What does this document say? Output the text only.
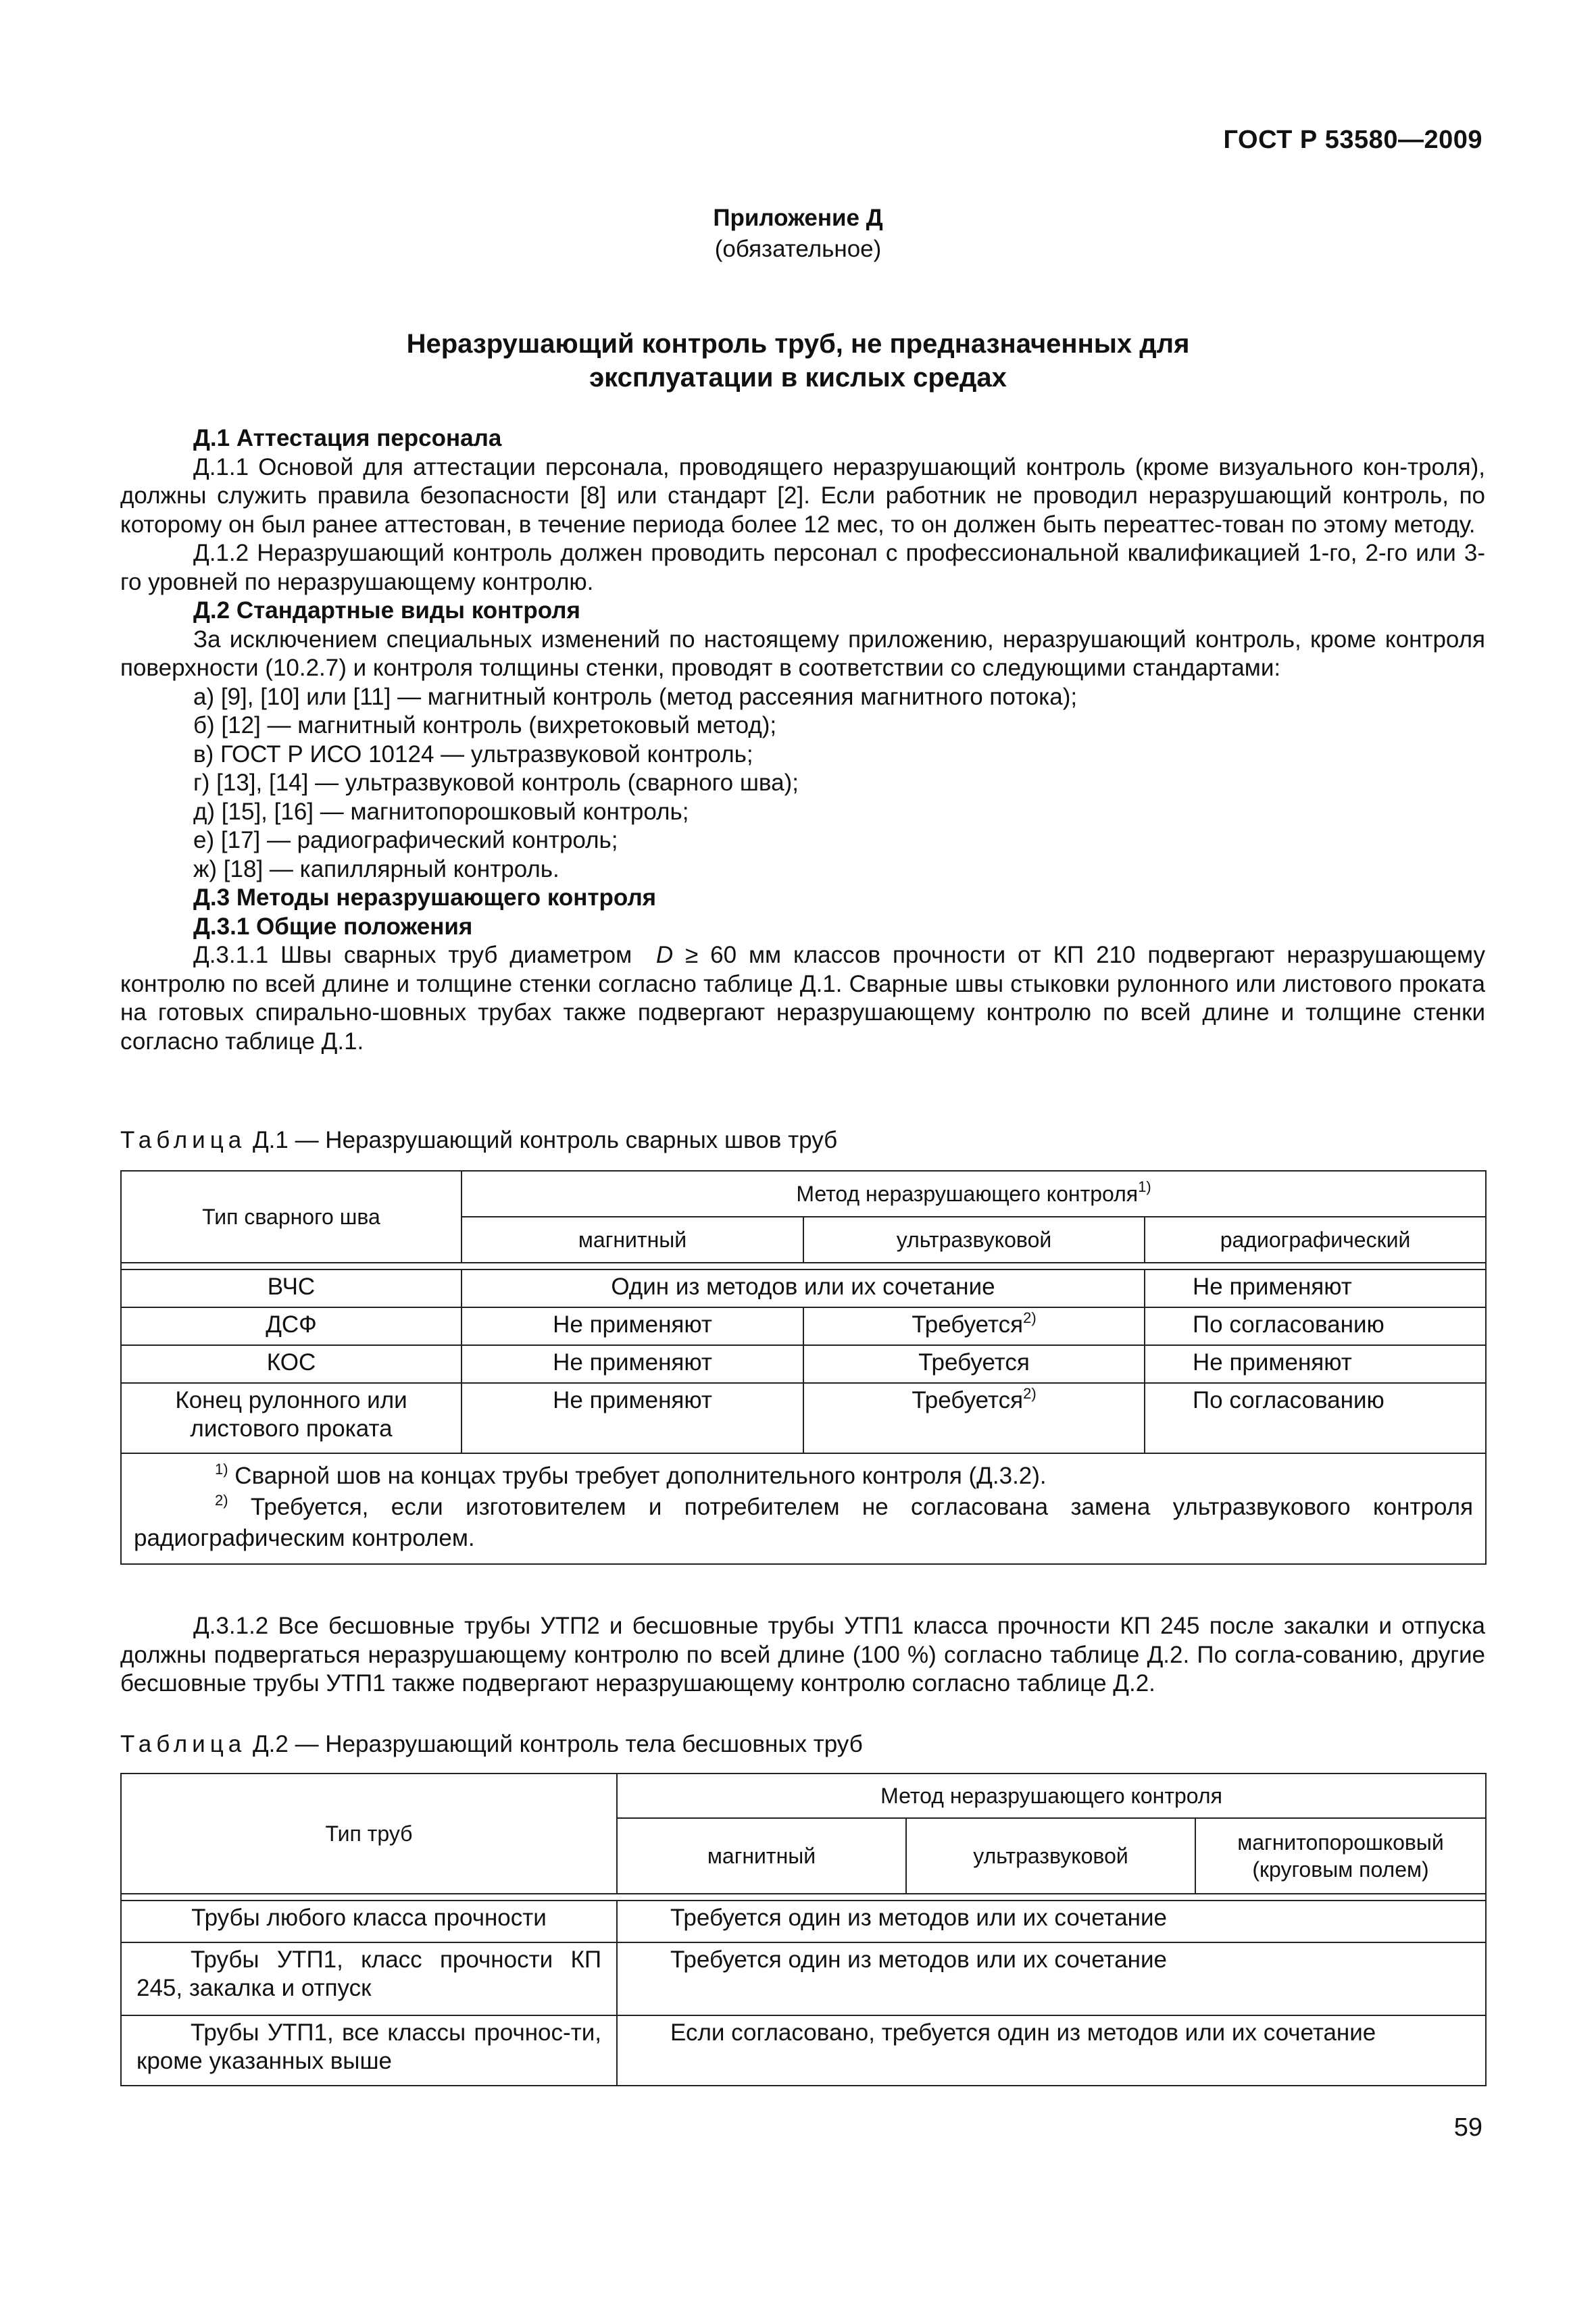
ГОСТ Р 53580—2009
Приложение Д
(обязательное)
Неразрушающий контроль труб, не предназначенных для
эксплуатации в кислых средах

Д.1 Аттестация персонала

Д.1.1 Основой для аттестации персонала, проводящего неразрушающий контроль (кроме визуального кон-троля), должны служить правила безопасности [8] или стандарт [2]. Если работник не проводил неразрушающий контроль, по которому он был ранее аттестован, в течение периода более 12 мес, то он должен быть переаттес-тован по этому методу.

Д.1.2 Неразрушающий контроль должен проводить персонал с профессиональной квалификацией 1-го, 2-го или 3-го уровней по неразрушающему контролю.

Д.2 Стандартные виды контроля

За исключением специальных изменений по настоящему приложению, неразрушающий контроль, кроме контроля поверхности (10.2.7) и контроля толщины стенки, проводят в соответствии со следующими стандартами:

а) [9], [10] или [11] — магнитный контроль (метод рассеяния магнитного потока);

б) [12] — магнитный контроль (вихретоковый метод);

в) ГОСТ Р ИСО 10124 — ультразвуковой контроль;

г) [13], [14] — ультразвуковой контроль (сварного шва);

д) [15], [16] — магнитопорошковый контроль;

е) [17] — радиографический контроль;

ж) [18] — капиллярный контроль.

Д.3 Методы неразрушающего контроля

Д.3.1 Общие положения

Д.3.1.1 Швы сварных труб диаметром D ≥ 60 мм классов прочности от КП 210 подвергают неразрушающему контролю по всей длине и толщине стенки согласно таблице Д.1. Сварные швы стыковки рулонного или листового проката на готовых спирально-шовных трубах также подвергают неразрушающему контролю по всей длине и толщине стенки согласно таблице Д.1.

Таблица Д.1 — Неразрушающий контроль сварных швов труб
Тип сварного шва	Метод неразрушающего контроля$^{1)}$
	магнитный	ультразвуковой	радиографический

ВЧС	Один из методов или их сочетание		Не применяют
ДСФ	Не применяют	Требуется$^{2)}$	По согласованию
КОС	Не применяют	Требуется	Не применяют
Конец рулонного или листового проката	Не применяют	Требуется$^{2)}$	По согласованию

$^{1)}$ Сварной шов на концах трубы требует дополнительного контроля (Д.3.2).

$^{2)}$ Требуется, если изготовителем и потребителем не согласована замена ультразвукового контроля радиографическим контролем.			

Д.3.1.2 Все бесшовные трубы УТП2 и бесшовные трубы УТП1 класса прочности КП 245 после закалки и отпуска должны подвергаться неразрушающему контролю по всей длине (100 %) согласно таблице Д.2. По согла-сованию, другие бесшовные трубы УТП1 также подвергают неразрушающему контролю согласно таблице Д.2.

Таблица Д.2 — Неразрушающий контроль тела бесшовных труб
Тип труб	Метод неразрушающего контроля		
	магнитный	ультразвуковой	магнитопорошковый
(круговым полем)

Трубы любого класса прочности	Требуется один из методов или их сочетание		

Трубы УТП1, класс прочности КП 245, закалка и отпуск	Требуется один из методов или их сочетание		

Трубы УТП1, все классы прочнос-ти, кроме указанных выше	Если согласовано, требуется один из методов или их сочетание		
59
